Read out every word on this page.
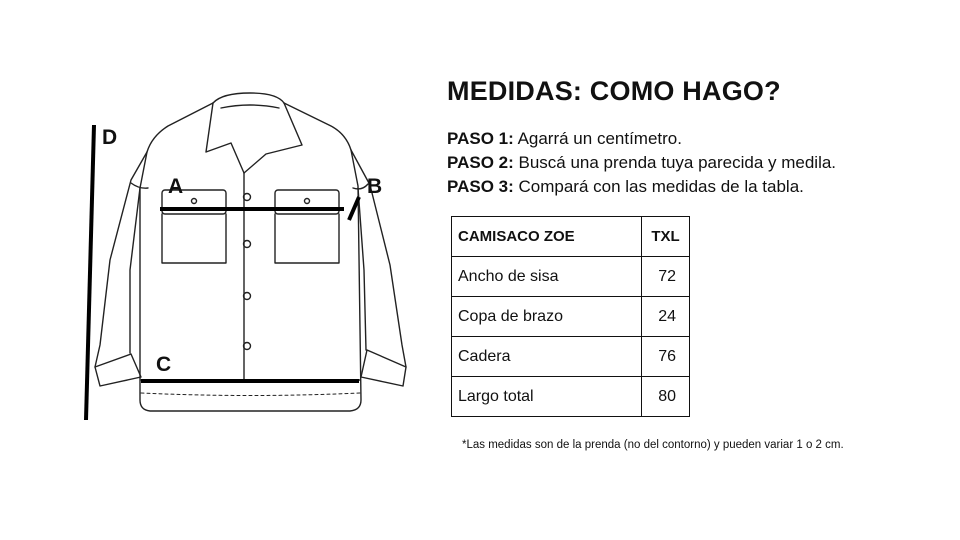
D
A	B
C
MEDIDAS: COMO HAGO?
PASO 1: Agarrá un centímetro.
PASO 2: Buscá una prenda tuya parecida y medila.
PASO 3: Compará con las medidas de la tabla.
CAMISACO ZOE	TXL
Ancho de sisa	72
Copa de brazo	24
Cadera	76
Largo total	80
*Las medidas son de la prenda (no del contorno) y pueden variar 1 o 2 cm.
